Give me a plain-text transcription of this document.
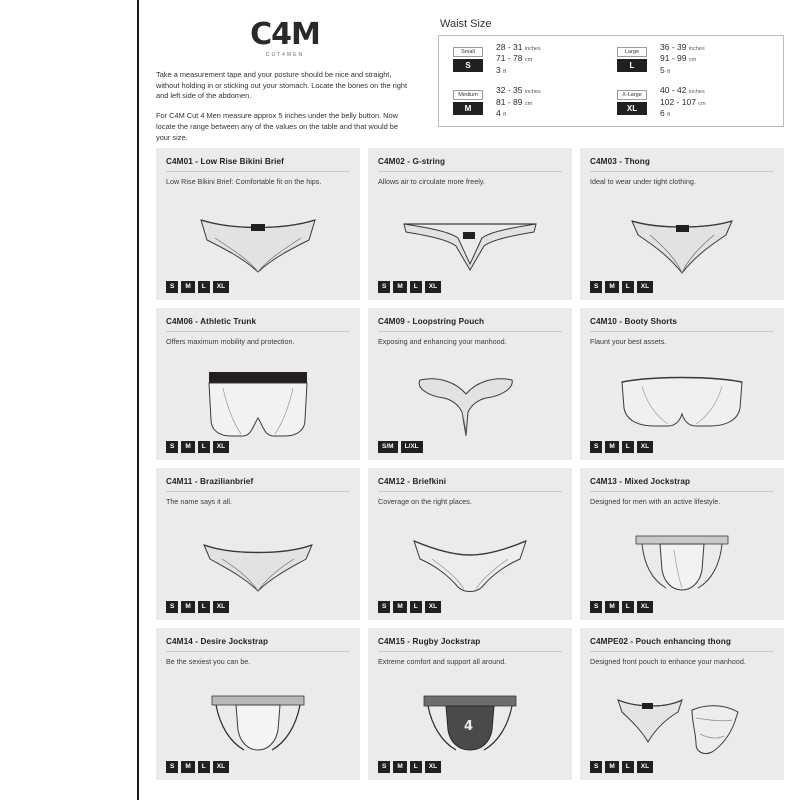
C4M
CUT4MEN

Take a measurement tape and your posture should be nice and straight, without holding in or sticking out your stomach. Locate the bones on the right and left side of the abdomen.

For C4M Cut 4 Men measure approx 5 inches under the belly button. Now locate the range between any of the values on the table and that would be your size.

Waist Size
Small
S
28 - 31 inches
71 - 78 cm
3 ft
Medium
M
32 - 35 inches
81 - 89 cm
4 ft
Large
L
36 - 39 inches
91 - 99 cm
5 ft
X-Large
XL
40 - 42 inches
102 - 107 cm
6 ft
C4M01 - Low Rise Bikini Brief
Low Rise Bikini Brief: Comfortable fit on the hips.
S	M	L	XL
C4M02 - G-string
Allows air to circulate more freely.
S	M	L	XL
C4M03 - Thong
Ideal to wear under tight clothing.
S	M	L	XL
C4M06 - Athletic Trunk
Offers maximum mobility and protection.
S	M	L	XL
C4M09 - Loopstring Pouch
Exposing and enhancing your manhood.
S/M	L/XL
C4M10 - Booty Shorts
Flaunt your best assets.
S	M	L	XL
C4M11 - Brazilianbrief
The name says it all.
S	M	L	XL
C4M12 - Briefkini
Coverage on the right places.
S	M	L	XL
C4M13 - Mixed Jockstrap
Designed for men with an active lifestyle.
S	M	L	XL
C4M14 - Desire Jockstrap
Be the sexiest you can be.
S	M	L	XL
C4M15 - Rugby Jockstrap
Extreme comfort and support all around.
4
S	M	L	XL
C4MPE02 - Pouch enhancing thong
Designed front pouch to enhance your manhood.
S	M	L	XL
